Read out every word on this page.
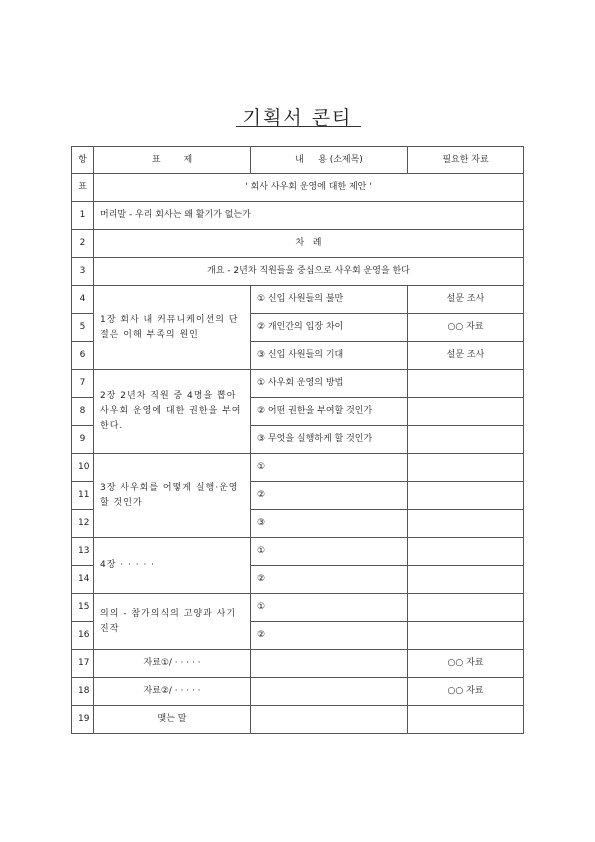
기획서 콘티
항	표        제	내     용 (소제목)	필요한 자료
표	' 회사 사우회 운영에 대한 제안 '		
1	머리말 - 우리 회사는 왜 활기가 없는가		
2	차   례		
3	개요 - 2년차 직원들을 중심으로 사우회 운영을 한다		
4	1장 회사 내 커뮤니케이션의 단절은 이해 부족의 원인	① 신입 사원들의 불만	설문 조사
5		② 개인간의 입장 차이	○○ 자료
6		③ 신입 사원들의 기대	설문 조사
7	2장 2년차 직원 중 4명을 뽑아 사우회 운영에 대한 권한을 부여한다.	① 사우회 운영의 방법	
8		② 어떤 권한을 부여할 것인가	
9		③ 무엇을 실행하게 할 것인가	
10	3장 사우회를 어떻게 실행·운영할 것인가	①	
11		②	
12		③	
13	4장 · · · · ·	①	
14		②	
15	의의 - 참가의식의 고양과 사기 진작	①	
16		②	
17	자료①/ · · · · ·		○○ 자료
18	자료②/ · · · · ·		○○ 자료
19	맺는 말		
